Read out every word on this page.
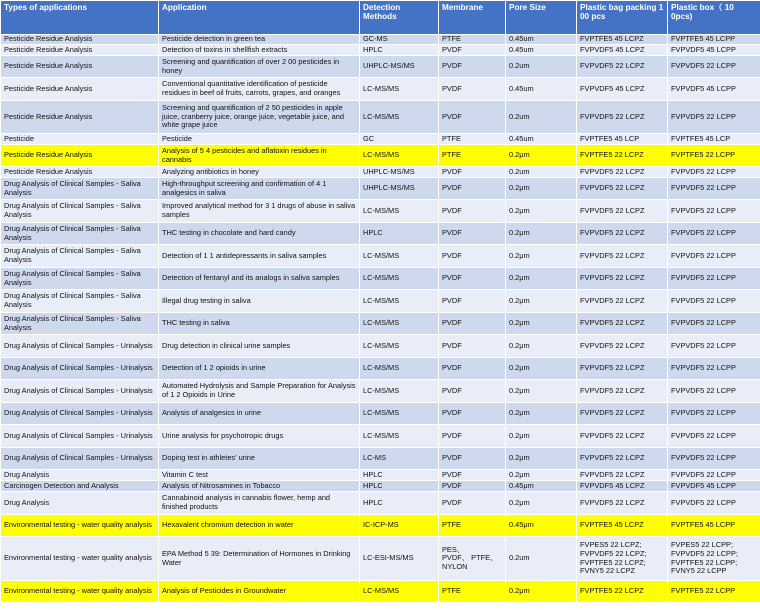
Types of applications	Application	Detection Methods	Membrane	Pore Size	Plastic bag packing 1 00 pcs	Plastic box（ 10 0pcs)
Pesticide Residue Analysis	Pesticide detection in green tea	GC-MS	PTFE	0.45um	FVPTFE5 45 LCPZ	FVPTFE5 45 LCPP
Pesticide Residue Analysis	Detection of toxins in shellfish extracts	HPLC	PVDF	0.45um	FVPVDF5 45 LCPZ	FVPVDF5 45 LCPP
Pesticide Residue Analysis	Screening and quantification of over 2 00 pesticides in honey	UHPLC-MS/MS	PVDF	0.2um	FVPVDF5 22 LCPZ	FVPVDF5 22 LCPP
Pesticide Residue Analysis	Conventional quantitative identification of pesticide residues in beef oil fruits, carrots, grapes, and oranges	LC-MS/MS	PVDF	0.45um	FVPVDF5 45 LCPZ	FVPVDF5 45 LCPP
Pesticide Residue Analysis	Screening and quantification of 2 50 pesticides in apple juice, cranberry juice, orange juice, vegetable juice, and white grape juice	LC-MS/MS	PVDF	0.2um	FVPVDF5 22 LCPZ	FVPVDF5 22 LCPP
Pesticide	Pesticide	GC	PTFE	0.45um	FVPTFE5 45 LCP	FVPTFE5 45 LCP
Pesticide Residue Analysis	Analysis of 5 4 pesticides and aflatoxin residues in cannabis	LC-MS/MS	PTFE	0.2μm	FVPTFE5 22 LCPZ	FVPTFE5 22 LCPP
Pesticide Residue Analysis	Analyzing antibiotics in honey	UHPLC-MS/MS	PVDF	0.2um	FVPVDF5 22 LCPZ	FVPVDF5 22 LCPP
Drug Analysis of Clinical Samples - Saliva Analysis	High-throughput screening and confirmation of 4 1 analgesics in saliva	UHPLC-MS/MS	PVDF	0.2μm	FVPVDF5 22 LCPZ	FVPVDF5 22 LCPP
Drug Analysis of Clinical Samples - Saliva Analysis	Improved analytical method for 3 1 drugs of abuse in saliva samples	LC-MS/MS	PVDF	0.2μm	FVPVDF5 22 LCPZ	FVPVDF5 22 LCPP
Drug Analysis of Clinical Samples - Saliva Analysis	THC testing in chocolate and hard candy	HPLC	PVDF	0.2μm	FVPVDF5 22 LCPZ	FVPVDF5 22 LCPP
Drug Analysis of Clinical Samples - Saliva Analysis	Detection of 1 1 antidepressants in saliva samples	LC-MS/MS	PVDF	0.2μm	FVPVDF5 22 LCPZ	FVPVDF5 22 LCPP
Drug Analysis of Clinical Samples - Saliva Analysis	Detection of fentanyl and its analogs in saliva samples	LC-MS/MS	PVDF	0.2μm	FVPVDF5 22 LCPZ	FVPVDF5 22 LCPP
Drug Analysis of Clinical Samples - Saliva Analysis	Illegal drug testing in saliva	LC-MS/MS	PVDF	0.2μm	FVPVDF5 22 LCPZ	FVPVDF5 22 LCPP
Drug Analysis of Clinical Samples - Saliva Analysis	THC testing in saliva	LC-MS/MS	PVDF	0.2μm	FVPVDF5 22 LCPZ	FVPVDF5 22 LCPP
Drug Analysis of Clinical Samples - Urinalysis	Drug detection in clinical urine samples	LC-MS/MS	PVDF	0.2μm	FVPVDF5 22 LCPZ	FVPVDF5 22 LCPP
Drug Analysis of Clinical Samples - Urinalysis	Detection of 1 2 opioids in urine	LC-MS/MS	PVDF	0.2μm	FVPVDF5 22 LCPZ	FVPVDF5 22 LCPP
Drug Analysis of Clinical Samples - Urinalysis	Automated Hydrolysis and Sample Preparation for Analysis of 1 2 Opioids in Urine	LC-MS/MS	PVDF	0.2μm	FVPVDF5 22 LCPZ	FVPVDF5 22 LCPP
Drug Analysis of Clinical Samples - Urinalysis	Analysis of analgesics in urine	LC-MS/MS	PVDF	0.2μm	FVPVDF5 22 LCPZ	FVPVDF5 22 LCPP
Drug Analysis of Clinical Samples - Urinalysis	Urine analysis for psychotropic drugs	LC-MS/MS	PVDF	0.2μm	FVPVDF5 22 LCPZ	FVPVDF5 22 LCPP
Drug Analysis of Clinical Samples - Urinalysis	Doping test in athletes' urine	LC-MS	PVDF	0.2μm	FVPVDF5 22 LCPZ	FVPVDF5 22 LCPP
Drug Analysis	Vitamin C test	HPLC	PVDF	0.2μm	FVPVDF5 22 LCPZ	FVPVDF5 22 LCPP
Carcinogen Detection and Analysis	Analysis of Nitrosamines in Tobacco	HPLC	PVDF	0.45μm	FVPVDF5 45 LCPZ	FVPVDF5 45 LCPP
Drug Analysis	Cannabinoid analysis in cannabis flower, hemp and finished products	HPLC	PVDF	0.2μm	FVPVDF5 22 LCPZ	FVPVDF5 22 LCPP
Environmental testing - water quality analysis	Hexavalent chromium detection in water	IC-ICP-MS	PTFE	0.45μm	FVPTFE5 45 LCPZ	FVPTFE5 45 LCPP
Environmental testing - water quality analysis	EPA Method 5 39: Determination of Hormones in Drinking Water	LC-ESI-MS/MS	PES、
PVDF、 PTFE、
NYLON	0.2um	FVPES5 22 LCPZ;
FVPVDF5 22 LCPZ;
FVPTFE5 22 LCPZ;
FVNY5 22 LCPZ	FVPES5 22 LCPP;
FVPVDF5 22 LCPP;
FVPTFE5 22 LCPP;
FVNY5 22 LCPP
Environmental testing - water quality analysis	Analysis of Pesticides in Groundwater	LC-MS/MS	PTFE	0.2μm	FVPTFE5 22 LCPZ	FVPTFE5 22 LCPP
